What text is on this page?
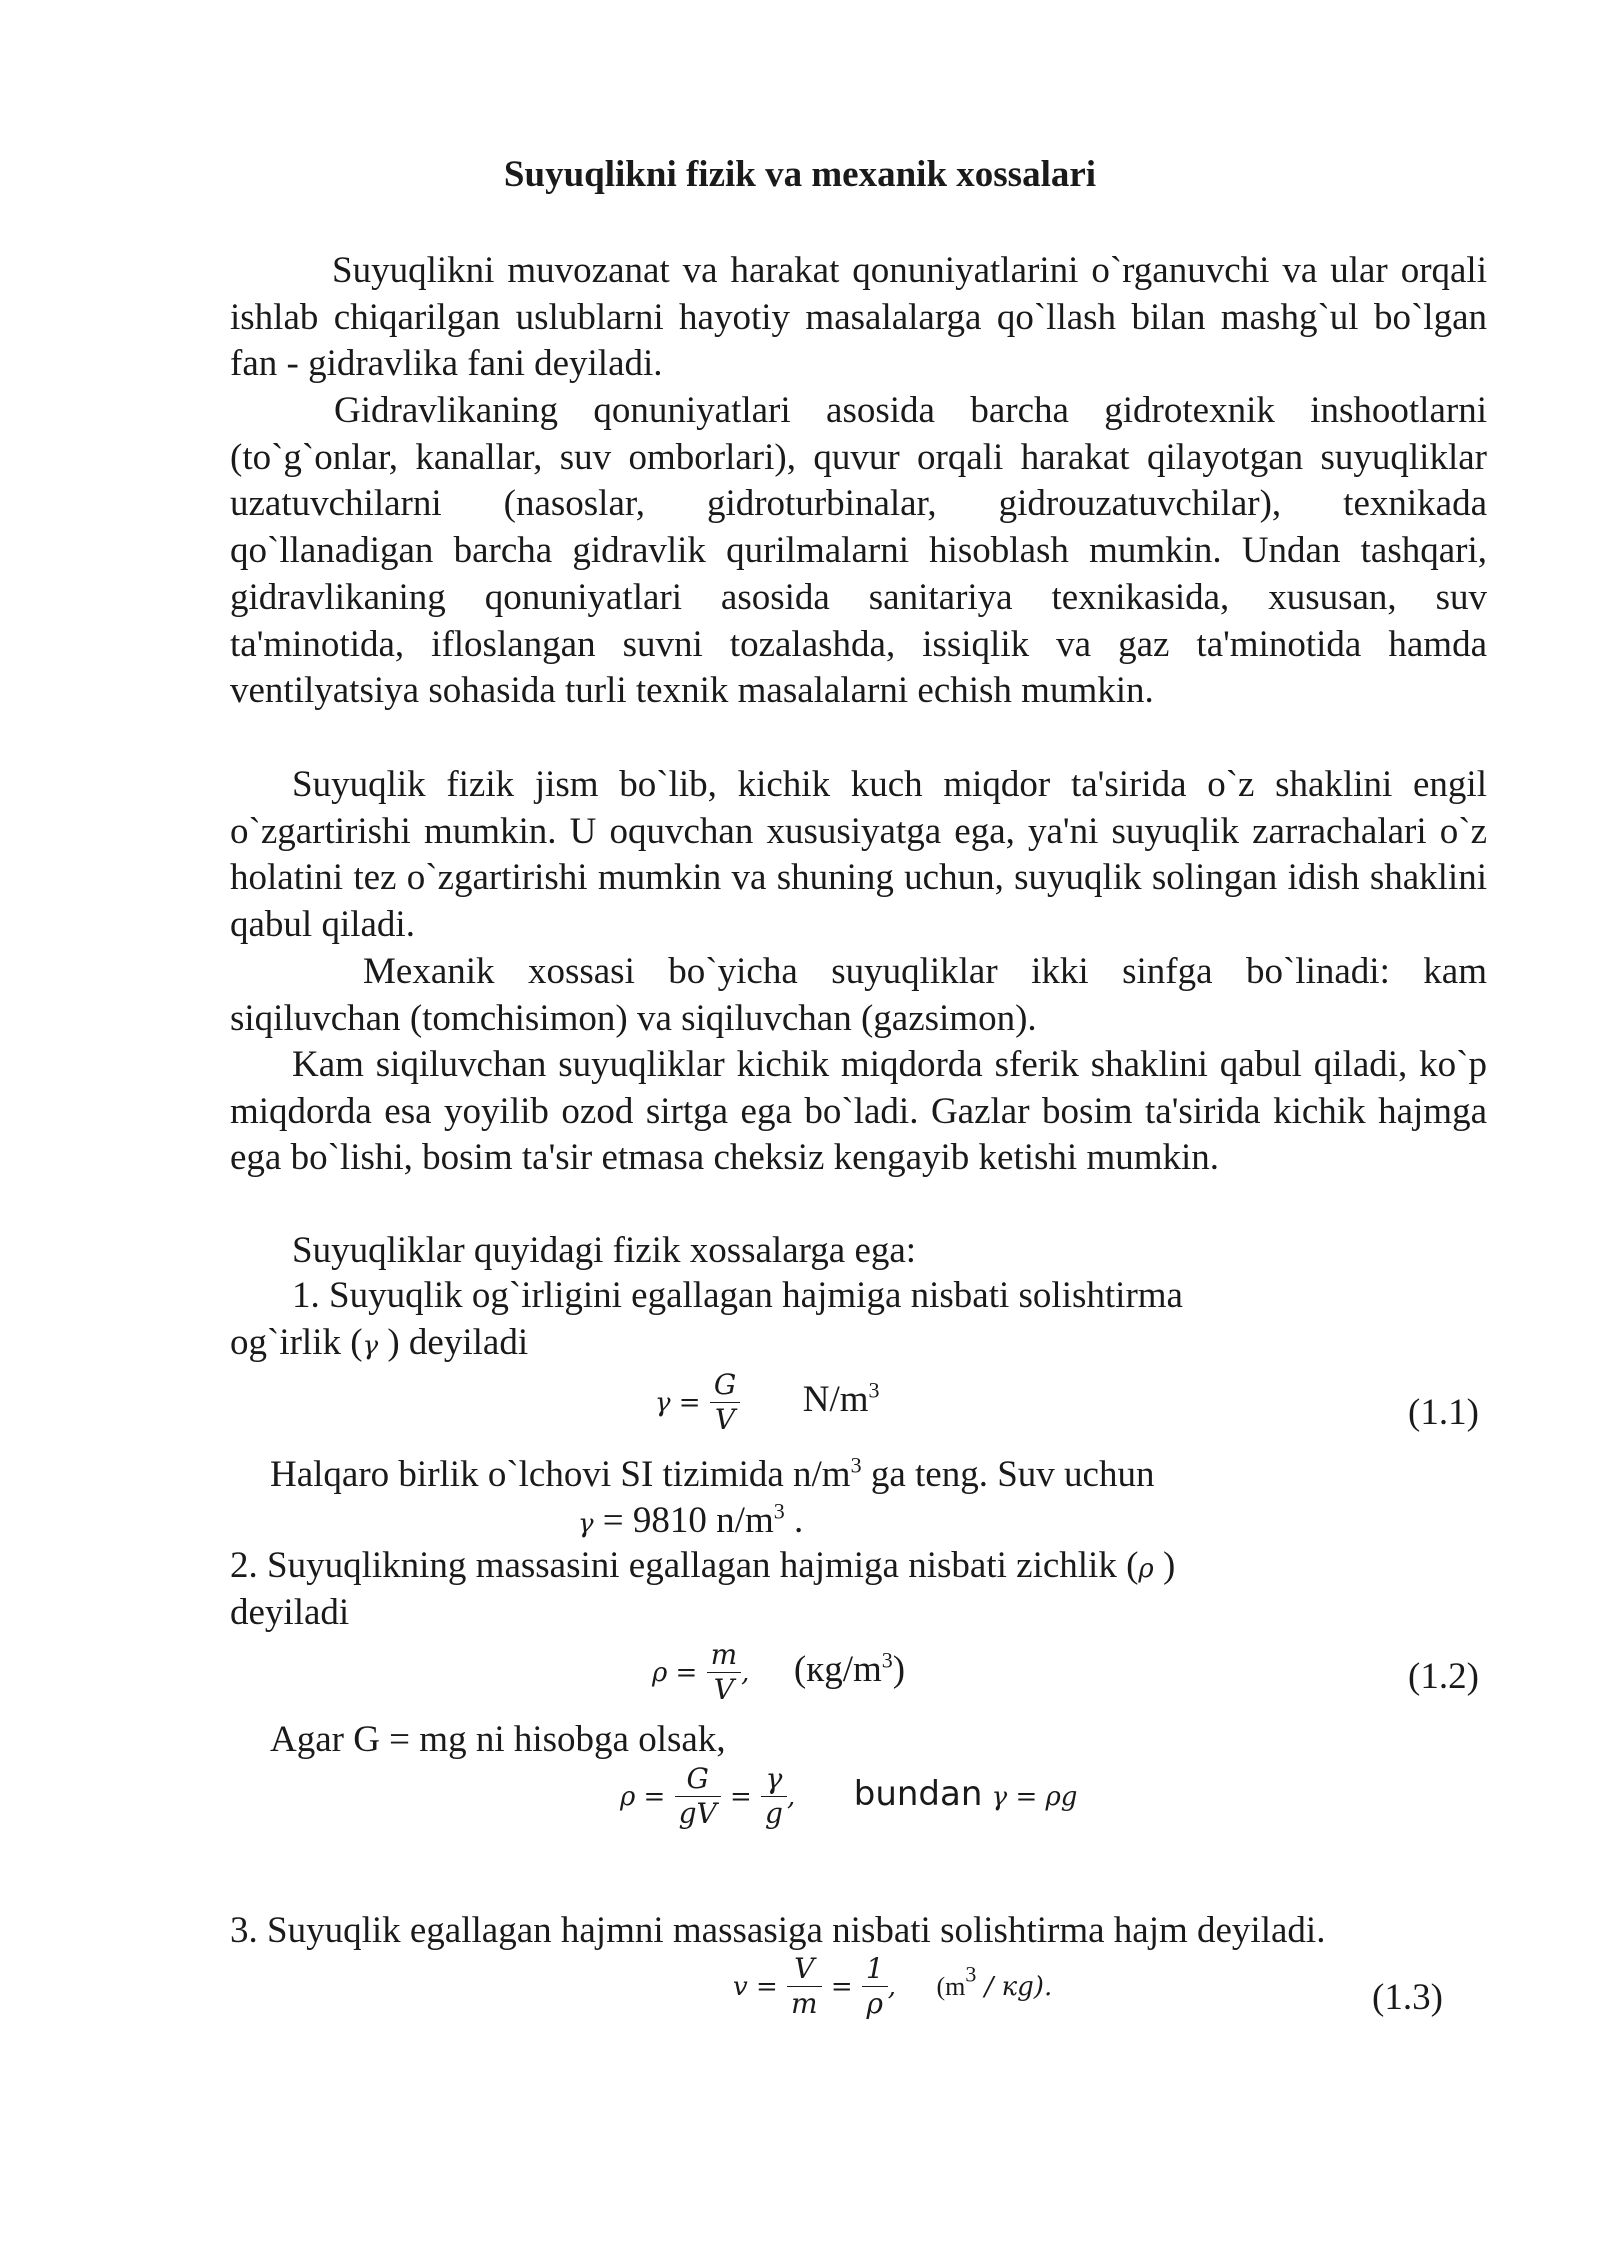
Suyuqlikni fizik va mexanik xossalari

Suyuqlikni muvozanat va harakat qonuniyatlarini o`rganuvchi va ular orqali ishlab chiqarilgan uslublarni hayotiy masalalarga qo`llash bilan mashg`ul bo`lgan fan - gidravlika fani deyiladi.

Gidravlikaning qonuniyatlari asosida barcha gidrotexnik inshootlarni (to`g`onlar, kanallar, suv omborlari), quvur orqali harakat qilayotgan suyuqliklar uzatuvchilarni (nasoslar, gidroturbinalar, gidrouzatuvchilar), texnikada qo`llanadigan barcha gidravlik qurilmalarni hisoblash mumkin. Undan tashqari, gidravlikaning qonuniyatlari asosida sanitariya texnikasida, xususan, suv ta'minotida, ifloslangan suvni tozalashda, issiqlik va gaz ta'minotida hamda ventilyatsiya sohasida turli texnik masalalarni echish mumkin.

Suyuqlik fizik jism bo`lib, kichik kuch miqdor ta'sirida o`z shaklini engil o`zgartirishi mumkin. U oquvchan xususiyatga ega, ya'ni suyuqlik zarrachalari o`z holatini tez o`zgartirishi mumkin va shuning uchun, suyuqlik solingan idish shaklini qabul qiladi.

Mexanik xossasi bo`yicha suyuqliklar ikki sinfga bo`linadi: kam siqiluvchan (tomchisimon) va siqiluvchan (gazsimon).

Kam siqiluvchan suyuqliklar kichik miqdorda sferik shaklini qabul qiladi, ko`p miqdorda esa yoyilib ozod sirtga ega bo`ladi. Gazlar bosim ta'sirida kichik hajmga ega bo`lishi, bosim ta'sir etmasa cheksiz kengayib ketishi mumkin.

Suyuqliklar quyidagi fizik xossalarga ega:

1. Suyuqlik og`irligini egallagan hajmiga nisbati solishtirma
og`irlik (γ ) deyiladi
$\gamma = \frac{G}{V} N/m^3$
(1.1)
Halqaro birlik o`lchovi SI tizimida $n/m^3$ ga teng. Suv uchun
γ = 9810 $n/m^3$ .
2. Suyuqlikning massasini egallagan hajmiga nisbati zichlik (ρ )
deyiladi
$\rho = \frac{m}{V}$ , $(кg/m^3)$	(1.2)
Agar G = mg ni hisobga olsak,
$\rho = \frac{G}{gV} = \frac{\gamma}{g}$ , bundan γ = ρg
3. Suyuqlik egallagan hajmni massasiga nisbati solishtirma hajm deyiladi.
$v = \frac{V}{m} = \frac{1}{\rho}$ , $(m^3 / кg)$.	(1.3)
